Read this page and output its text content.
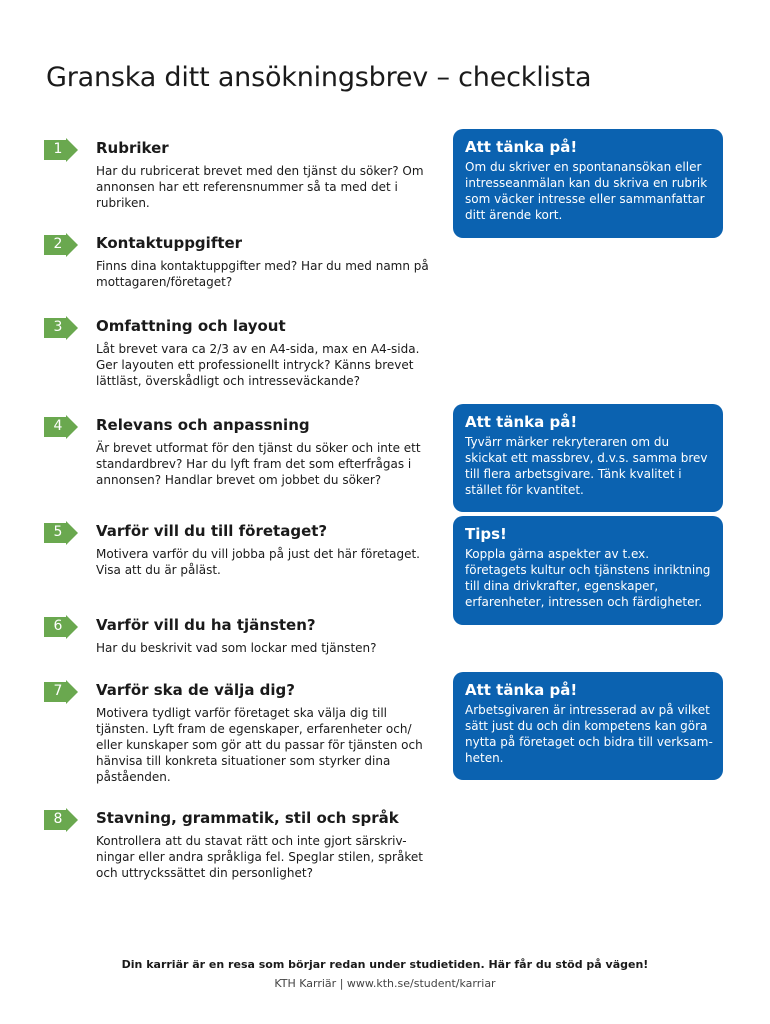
Granska ditt ansökningsbrev – checklista
1 Rubriker

Har du rubricerat brevet med den tjänst du söker? Om annonsen har ett referensnummer så ta med det i rubriken.

2 Kontaktuppgifter

Finns dina kontaktuppgifter med? Har du med namn på mottagaren/företaget?

3 Omfattning och layout

Låt brevet vara ca 2/3 av en A4-sida, max en A4-sida. Ger layouten ett professionellt intryck? Känns brevet lättläst, överskådligt och intresseväckande?

4 Relevans och anpassning

Är brevet utformat för den tjänst du söker och inte ett standardbrev? Har du lyft fram det som efterfrågas i annonsen? Handlar brevet om jobbet du söker?

5 Varför vill du till företaget?

Motivera varför du vill jobba på just det här företaget. Visa att du är påläst.

6 Varför vill du ha tjänsten?

Har du beskrivit vad som lockar med tjänsten?

7 Varför ska de välja dig?

Motivera tydligt varför företaget ska välja dig till tjänsten. Lyft fram de egenskaper, erfarenheter och/ eller kunskaper som gör att du passar för tjänsten och hänvisa till konkreta situationer som styrker dina påståenden.

8 Stavning, grammatik, stil och språk

Kontrollera att du stavat rätt och inte gjort särskriv- ningar eller andra språkliga fel. Speglar stilen, språket och uttryckssättet din personlighet?

Att tänka på!

Om du skriver en spontanansökan eller intresseanmälan kan du skriva en rubrik som väcker intresse eller sammanfattar ditt ärende kort.

Att tänka på!

Tyvärr märker rekryteraren om du skickat ett massbrev, d.v.s. samma brev till flera arbetsgivare. Tänk kvalitet i stället för kvantitet.

Tips!

Koppla gärna aspekter av t.ex. företagets kultur och tjänstens inriktning till dina drivkrafter, egenskaper, erfarenheter, intressen och färdigheter.

Att tänka på!

Arbetsgivaren är intresserad av på vilket sätt just du och din kompetens kan göra nytta på företaget och bidra till verksam- heten.

Din karriär är en resa som börjar redan under studietiden. Här får du stöd på vägen!
KTH Karriär | www.kth.se/student/karriar
